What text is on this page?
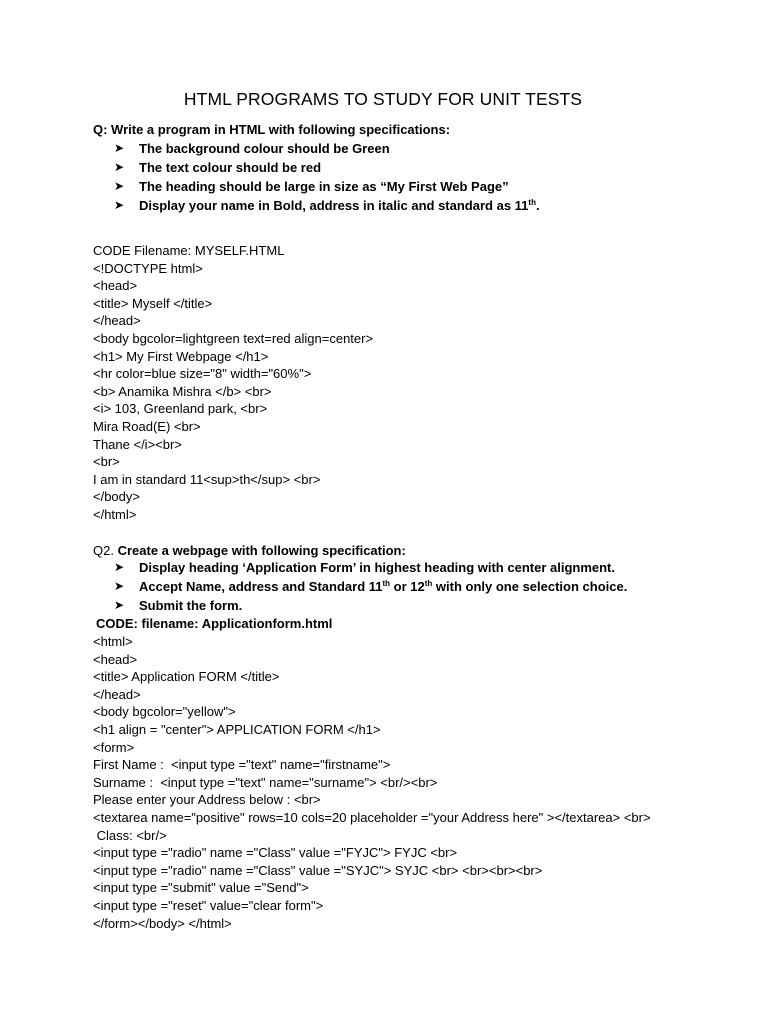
HTML PROGRAMS TO STUDY FOR UNIT TESTS
Q: Write a program in HTML with following specifications:
➤ The background colour should be Green
➤ The text colour should be red
➤ The heading should be large in size as “My First Web Page”
➤ Display your name in Bold, address in italic and standard as 11th.
CODE Filename: MYSELF.HTML
<!DOCTYPE html>
<head>
<title> Myself </title>
</head>
<body bgcolor=lightgreen text=red align=center>
<h1> My First Webpage </h1>
<hr color=blue size="8" width="60%">
<b> Anamika Mishra </b> <br>
<i> 103, Greenland park, <br>
Mira Road(E) <br>
Thane </i><br>
<br>
I am in standard 11<sup>th</sup> <br>
</body>
</html>
Q2. Create a webpage with following specification:
➤ Display heading ‘Application Form’ in highest heading with center alignment.
➤ Accept Name, address and Standard 11th or 12th with only one selection choice.
➤ Submit the form.
CODE: filename: Applicationform.html
<html>
<head>
<title> Application FORM </title>
</head>
<body bgcolor="yellow">
<h1 align = "center"> APPLICATION FORM </h1>
<form>
First Name :  <input type ="text" name="firstname">
Surname :  <input type ="text" name="surname"> <br/><br>
Please enter your Address below : <br>
<textarea name="positive" rows=10 cols=20 placeholder ="your Address here" ></textarea> <br>
Class: <br/>
<input type ="radio" name ="Class" value ="FYJC"> FYJC <br>
<input type ="radio" name ="Class" value ="SYJC"> SYJC <br> <br><br><br>
<input type ="submit" value ="Send">
<input type ="reset" value="clear form">
</form></body> </html>
